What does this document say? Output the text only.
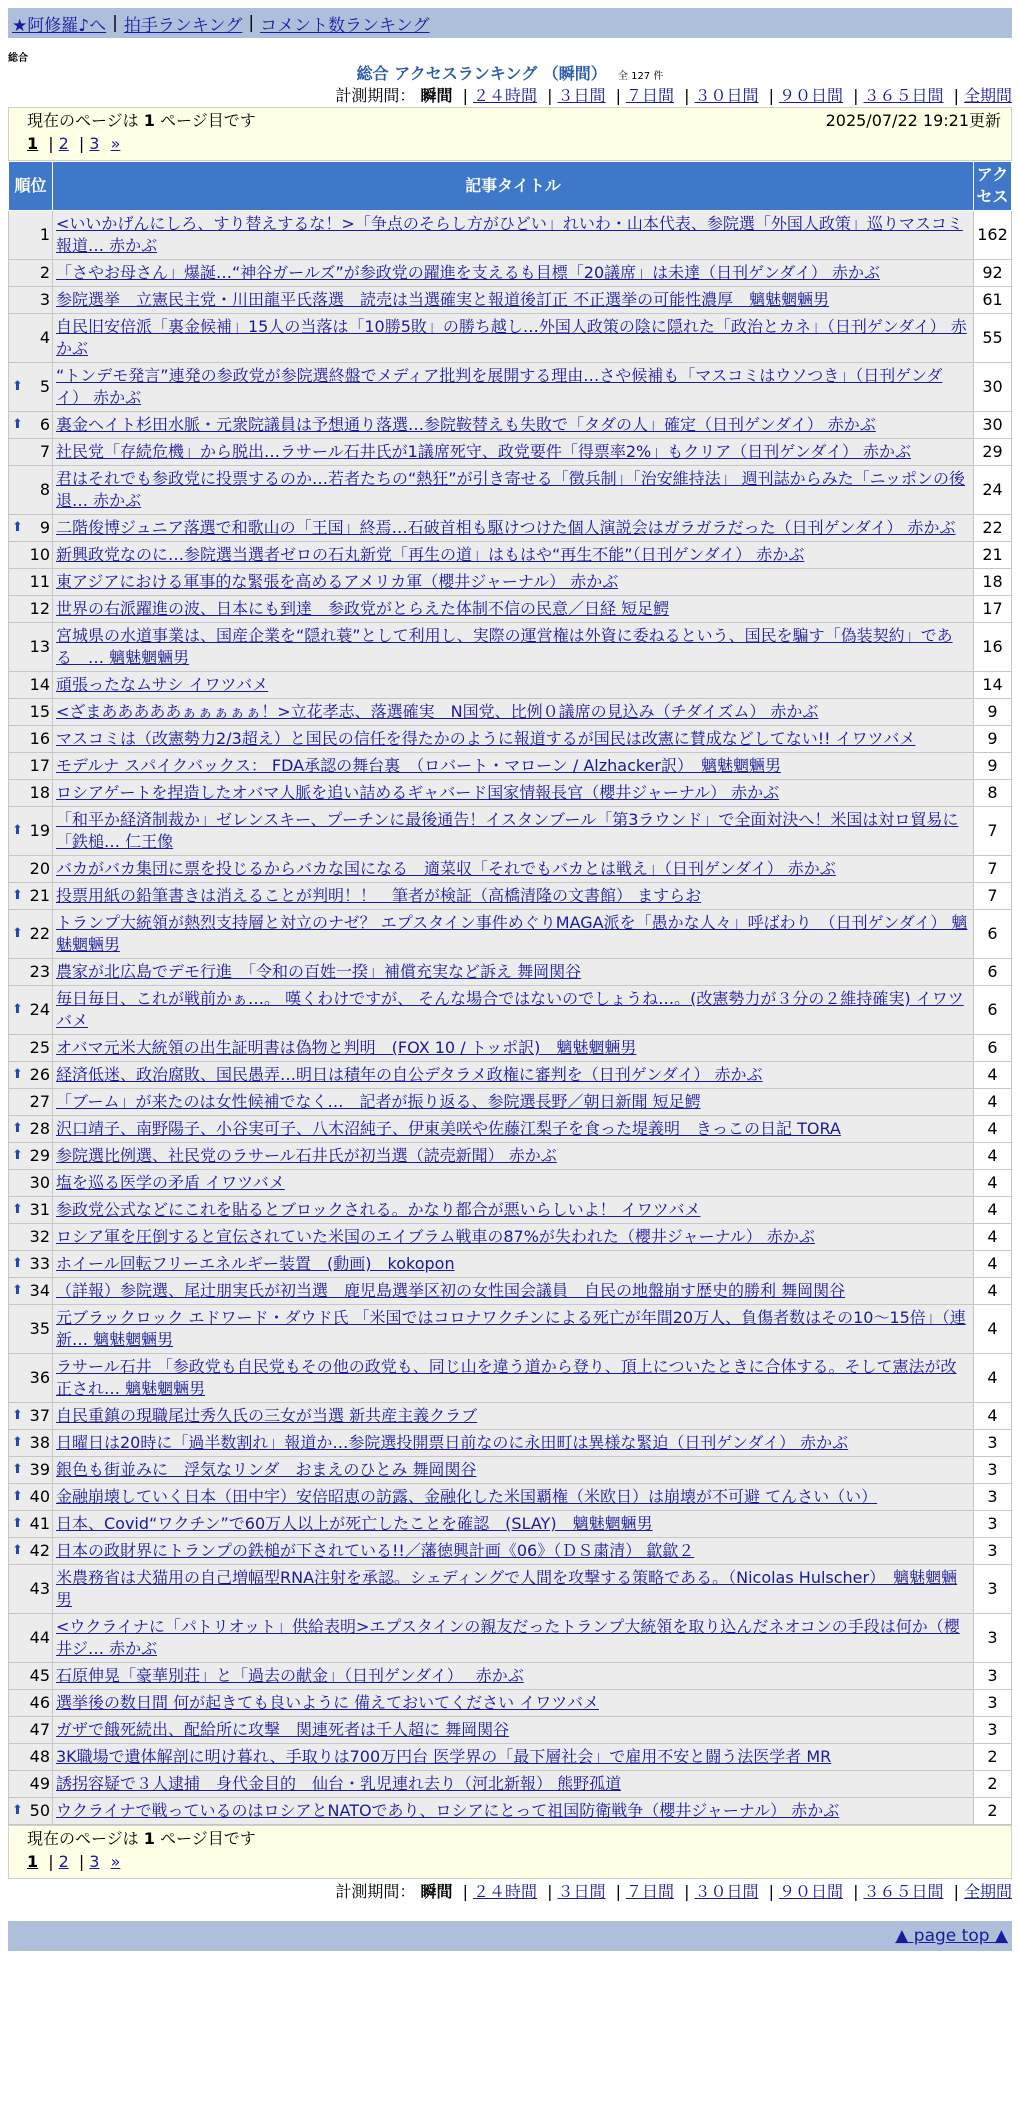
★阿修羅♪へ | 拍手ランキング | コメント数ランキング
総合
総合 アクセスランキング （瞬間） 全 127 件
計測期間： 瞬間 | ２４時間 | ３日間 | ７日間 | ３０日間 | ９０日間 | ３６５日間 | 全期間
現在のページは 1 ページ目です	2025/07/22 19:21更新
1 | 2 | 3 »
順位	記事タイトル	アクセス
1	<いいかげんにしろ、すり替えするな！>「争点のそらし方がひどい」れいわ・山本代表、参院選「外国人政策」巡りマスコミ報道… 赤かぶ	162
2	「さやお母さん」爆誕…“神谷ガールズ”が参政党の躍進を支えるも目標「20議席」は未達（日刊ゲンダイ） 赤かぶ	92
3	参院選挙　立憲民主党・川田龍平氏落選　読売は当選確実と報道後訂正 不正選挙の可能性濃厚　魑魅魍魎男	61
4	自民旧安倍派「裏金候補」15人の当落は「10勝5敗」の勝ち越し…外国人政策の陰に隠れた「政治とカネ」（日刊ゲンダイ） 赤かぶ	55

⬆ 5	“トンデモ発言”連発の参政党が参院選終盤でメディア批判を展開する理由…さや候補も「マスコミはウソつき」（日刊ゲンダイ） 赤かぶ	30

⬆ 6	裏金ヘイト杉田水脈・元衆院議員は予想通り落選…参院鞍替えも失敗で「タダの人」確定（日刊ゲンダイ） 赤かぶ	30
7	社民党「存続危機」から脱出…ラサール石井氏が1議席死守、政党要件「得票率2%」もクリア（日刊ゲンダイ） 赤かぶ	29
8	君はそれでも参政党に投票するのか…若者たちの“熱狂”が引き寄せる「徴兵制」「治安維持法」 週刊誌からみた「ニッポンの後退… 赤かぶ	24

⬆ 9	二階俊博ジュニア落選で和歌山の「王国」終焉…石破首相も駆けつけた個人演説会はガラガラだった（日刊ゲンダイ） 赤かぶ	22
10	新興政党なのに…参院選当選者ゼロの石丸新党「再生の道」はもはや“再生不能”（日刊ゲンダイ） 赤かぶ	21
11	東アジアにおける軍事的な緊張を高めるアメリカ軍（櫻井ジャーナル） 赤かぶ	18
12	世界の右派躍進の波、日本にも到達　参政党がとらえた体制不信の民意／日経 短足鰐	17
13	宮城県の水道事業は、国産企業を“隠れ蓑”として利用し、実際の運営権は外資に委ねるという、国民を騙す「偽装契約」である　… 魑魅魍魎男	16
14	頑張ったなムサシ イワツバメ	14
15	<ざまあああああぁぁぁぁぁ！>立花孝志、落選確実　N国党、比例０議席の見込み（チダイズム） 赤かぶ	9
16	マスコミは（改憲勢力2/3超え）と国民の信任を得たかのように報道するが国民は改憲に賛成などしてない!! イワツバメ	9
17	モデルナ スパイクバックス： FDA承認の舞台裏　（ロバート・マローン / Alzhacker訳）　魑魅魍魎男	9
18	ロシアゲートを捏造したオバマ人脈を追い詰めるギャバード国家情報長官（櫻井ジャーナル） 赤かぶ	8

⬆ 19	「和平か経済制裁か」ゼレンスキー、プーチンに最後通告！イスタンブール「第3ラウンド」で全面対決へ！米国は対ロ貿易に「鉄槌… 仁王像	7
20	バカがバカ集団に票を投じるからバカな国になる　適菜収「それでもバカとは戦え」（日刊ゲンダイ） 赤かぶ	7

⬆ 21	投票用紙の鉛筆書きは消えることが判明！！　筆者が検証（高橋清隆の文書館） ますらお	7

⬆ 22	トランプ大統領が熱烈支持層と対立のナゼ？ エプスタイン事件めぐりMAGA派を「愚かな人々」呼ばわり　（日刊ゲンダイ） 魑魅魍魎男	6
23	農家が北広島でデモ行進　「令和の百姓一揆」補償充実など訴え 舞岡関谷	6

⬆ 24	毎日毎日、これが戦前かぁ…。 嘆くわけですが、 そんな場合ではないのでしょうね…。(改憲勢力が３分の２維持確実) イワツバメ	6
25	オバマ元米大統領の出生証明書は偽物と判明　(FOX 10 / トッポ訳)　魑魅魍魎男	6

⬆ 26	経済低迷、政治腐敗、国民愚弄…明日は積年の自公デタラメ政権に審判を（日刊ゲンダイ） 赤かぶ	4
27	「ブーム」が来たのは女性候補でなく…　記者が振り返る、参院選長野／朝日新聞 短足鰐	4

⬆ 28	沢口靖子、南野陽子、小谷実可子、八木沼純子、伊東美咲や佐藤江梨子を食った堤義明　きっこの日記 TORA	4

⬆ 29	参院選比例選、社民党のラサール石井氏が初当選（読売新聞） 赤かぶ	4
30	塩を巡る医学の矛盾 イワツバメ	4

⬆ 31	参政党公式などにこれを貼るとブロックされる。かなり都合が悪いらしいよ！ イワツバメ	4
32	ロシア軍を圧倒すると宣伝されていた米国のエイブラム戦車の87%が失われた（櫻井ジャーナル） 赤かぶ	4

⬆ 33	ホイール回転フリーエネルギー装置　(動画)　kokopon	4

⬆ 34	（詳報）参院選、尾辻朋実氏が初当選　鹿児島選挙区初の女性国会議員　自民の地盤崩す歴史的勝利 舞岡関谷	4
35	元ブラックロック エドワード・ダウド氏 「米国ではコロナワクチンによる死亡が年間20万人、負傷者数はその10～15倍」（連新… 魑魅魍魎男	4
36	ラサール石井 「参政党も自民党もその他の政党も、同じ山を違う道から登り、頂上についたときに合体する。そして憲法が改正され… 魑魅魍魎男	4

⬆ 37	自民重鎮の現職尾辻秀久氏の三女が当選 新共産主義クラブ	4

⬆ 38	日曜日は20時に「過半数割れ」報道か…参院選投開票日前なのに永田町は異様な緊迫（日刊ゲンダイ） 赤かぶ	3

⬆ 39	銀色も街並みに　浮気なリンダ　おまえのひとみ 舞岡関谷	3

⬆ 40	金融崩壊していく日本（田中宇）安倍昭恵の訪露、金融化した米国覇権（米欧日）は崩壊が不可避 てんさい（い）	3

⬆ 41	日本、Covid“ワクチン”で60万人以上が死亡したことを確認　(SLAY)　魑魅魍魎男	3

⬆ 42	日本の政財界にトランプの鉄槌が下されている!!／藩徳興計画《06》（ＤＳ粛清） 歙歙２	3
43	米農務省は犬猫用の自己増幅型RNA注射を承認。シェディングで人間を攻撃する策略である。（Nicolas Hulscher）　魑魅魍魎男	3
44	<ウクライナに「パトリオット」供給表明>エプスタインの親友だったトランプ大統領を取り込んだネオコンの手段は何か（櫻井ジ… 赤かぶ	3
45	石原伸晃「豪華別荘」と「過去の献金」（日刊ゲンダイ）　 赤かぶ	3
46	選挙後の数日間 何が起きても良いように 備えておいてください イワツバメ	3
47	ガザで餓死続出、配給所に攻撃　関連死者は千人超に 舞岡関谷	3
48	3K職場で遺体解剖に明け暮れ、手取りは700万円台 医学界の「最下層社会」で雇用不安と闘う法医学者 MR	2
49	誘拐容疑で３人逮捕　身代金目的　仙台・乳児連れ去り（河北新報） 熊野孤道	2

⬆ 50	ウクライナで戦っているのはロシアとNATOであり、ロシアにとって祖国防衛戦争（櫻井ジャーナル） 赤かぶ	2
現在のページは 1 ページ目です
1 | 2 | 3 »
計測期間： 瞬間 | ２４時間 | ３日間 | ７日間 | ３０日間 | ９０日間 | ３６５日間 | 全期間
▲ page top ▲
